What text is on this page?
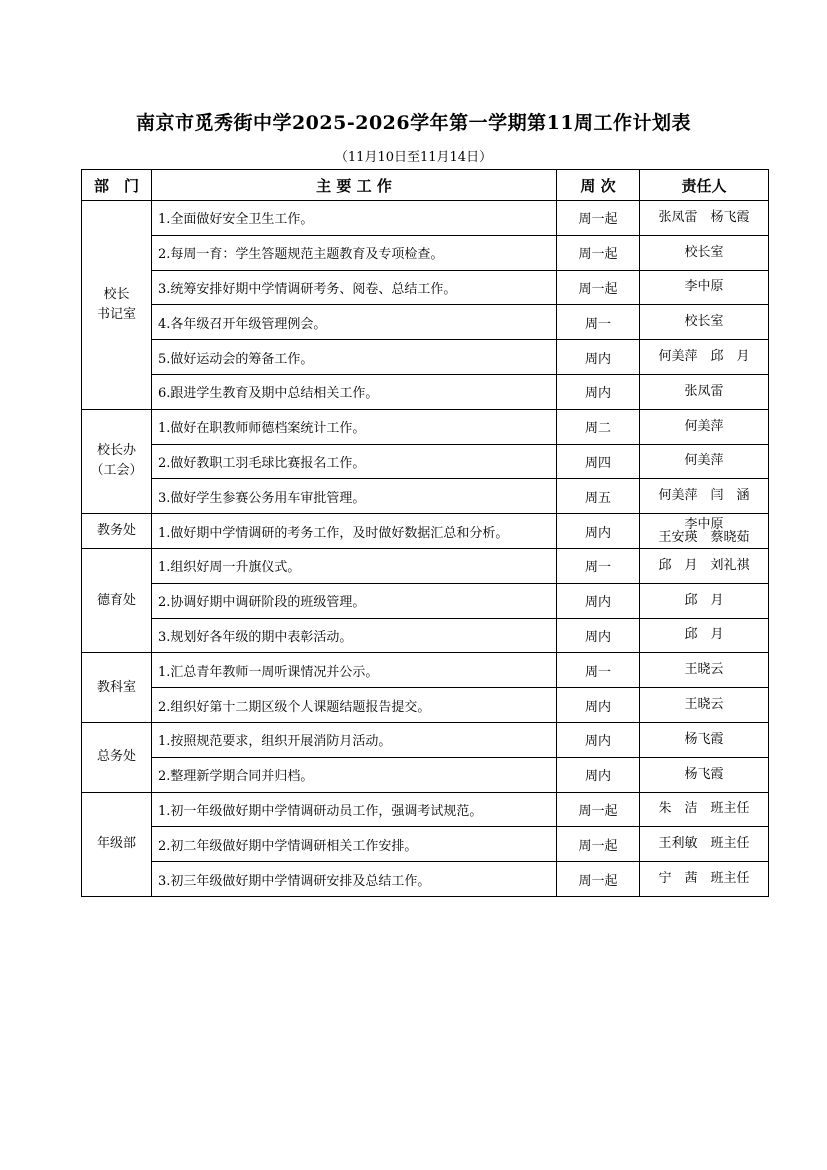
南京市觅秀街中学2025-2026学年第一学期第11周工作计划表
（11月10日至11月14日）
部　门	主 要 工 作	周 次	责任人
校长
书记室	1.全面做好安全卫生工作。	周一起	张凤雷　杨飞霞
	2.每周一育：学生答题规范主题教育及专项检查。	周一起	校长室
	3.统筹安排好期中学情调研考务、阅卷、总结工作。	周一起	李中原
	4.各年级召开年级管理例会。	周一	校长室
	5.做好运动会的筹备工作。	周内	何美萍　邱　月
	6.跟进学生教育及期中总结相关工作。	周内	张凤雷
校长办
（工会）	1.做好在职教师师德档案统计工作。	周二	何美萍
	2.做好教职工羽毛球比赛报名工作。	周四	何美萍
	3.做好学生参赛公务用车审批管理。	周五	何美萍　闫　涵
教务处	1.做好期中学情调研的考务工作，及时做好数据汇总和分析。	周内	李中原
王安瑛　蔡晓茹
德育处	1.组织好周一升旗仪式。	周一	邱　月　刘礼祺
	2.协调好期中调研阶段的班级管理。	周内	邱　月
	3.规划好各年级的期中表彰活动。	周内	邱　月
教科室	1.汇总青年教师一周听课情况并公示。	周一	王晓云
	2.组织好第十二期区级个人课题结题报告提交。	周内	王晓云
总务处	1.按照规范要求，组织开展消防月活动。	周内	杨飞霞
	2.整理新学期合同并归档。	周内	杨飞霞
年级部	1.初一年级做好期中学情调研动员工作，强调考试规范。	周一起	朱　洁　班主任
	2.初二年级做好期中学情调研相关工作安排。	周一起	王利敏　班主任
	3.初三年级做好期中学情调研安排及总结工作。	周一起	宁　茜　班主任
